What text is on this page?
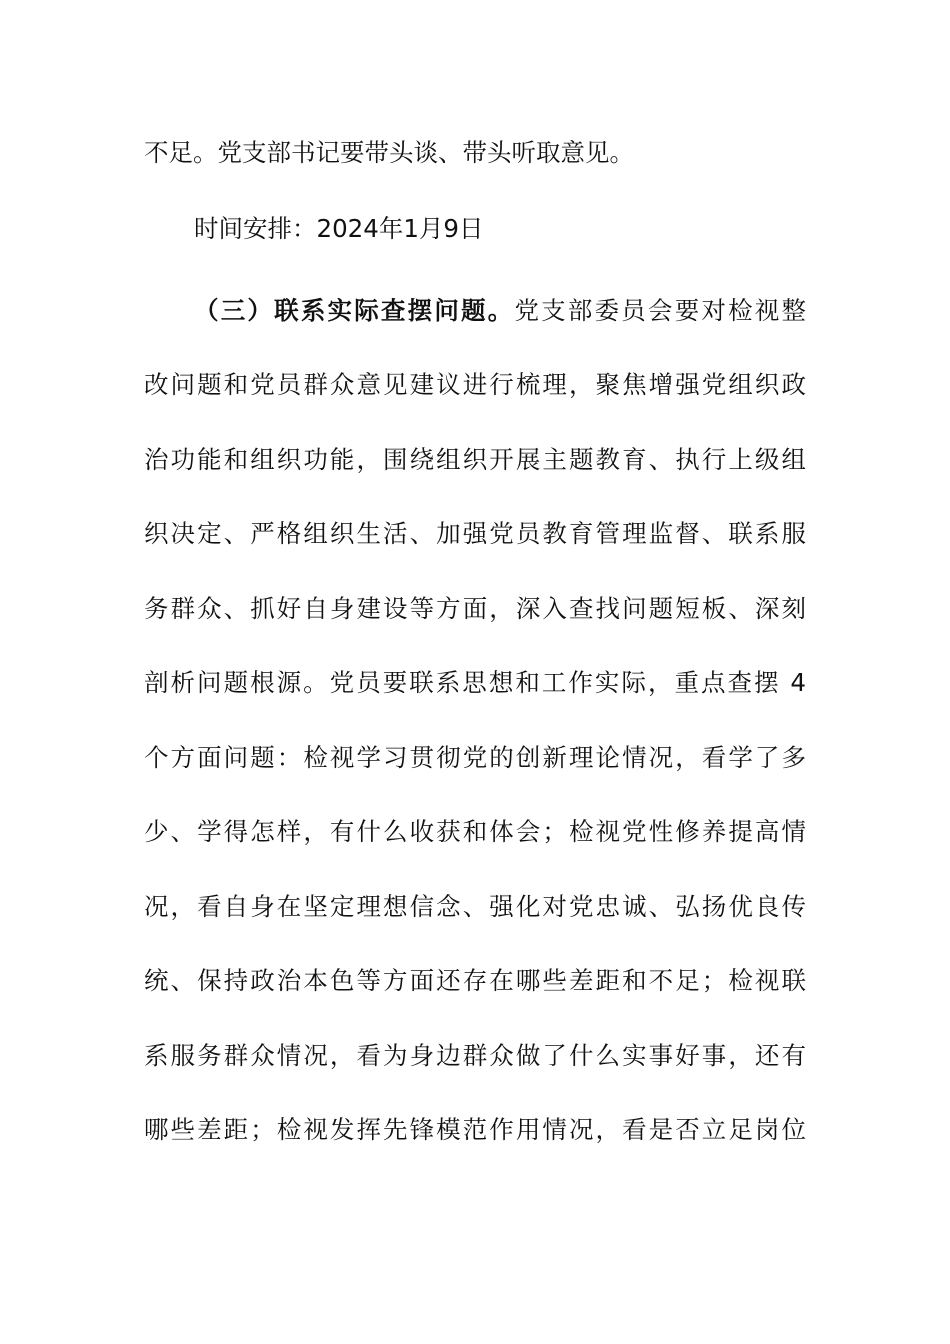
不足。党支部书记要带头谈、带头听取意见。
时间安排：2024年1月9日
（三）联系实际查摆问题。党支部委员会要对检视整
改问题和党员群众意见建议进行梳理，聚焦增强党组织政
治功能和组织功能，围绕组织开展主题教育、执行上级组
织决定、严格组织生活、加强党员教育管理监督、联系服
务群众、抓好自身建设等方面，深入查找问题短板、深刻
剖析问题根源。党员要联系思想和工作实际，重点查摆 4
个方面问题：检视学习贯彻党的创新理论情况，看学了多
少、学得怎样，有什么收获和体会；检视党性修养提高情
况，看自身在坚定理想信念、强化对党忠诚、弘扬优良传
统、保持政治本色等方面还存在哪些差距和不足；检视联
系服务群众情况，看为身边群众做了什么实事好事，还有
哪些差距；检视发挥先锋模范作用情况，看是否立足岗位
